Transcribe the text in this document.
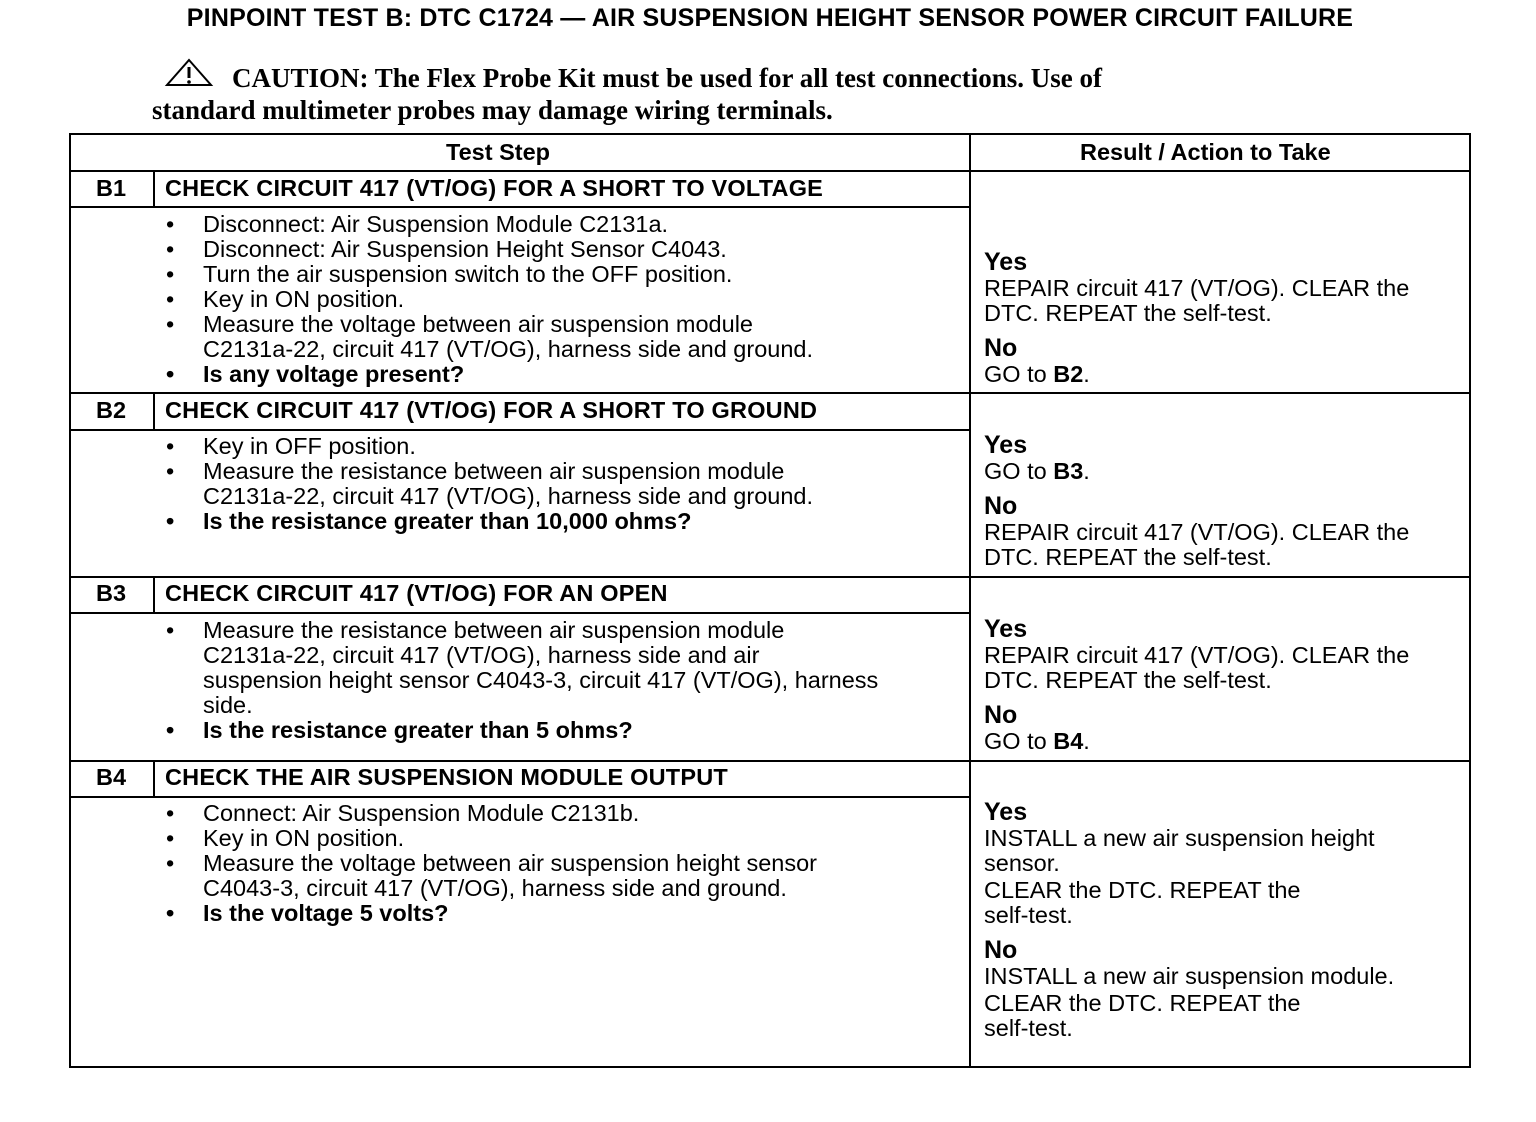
PINPOINT TEST B: DTC C1724 — AIR SUSPENSION HEIGHT SENSOR POWER CIRCUIT FAILURE
CAUTION: The Flex Probe Kit must be used for all test connections. Use of
standard multimeter probes may damage wiring terminals.
Test Step	Result / Action to Take
B1 CHECK CIRCUIT 417 (VT/OG) FOR A SHORT TO VOLTAGE
• Disconnect: Air Suspension Module C2131a.
• Disconnect: Air Suspension Height Sensor C4043.
• Turn the air suspension switch to the OFF position.
• Key in ON position.
• Measure the voltage between air suspension module
C2131a-22, circuit 417 (VT/OG), harness side and ground.
• Is any voltage present?
Yes
REPAIR circuit 417 (VT/OG). CLEAR the
DTC. REPEAT the self-test.
No
GO to B2.
B2 CHECK CIRCUIT 417 (VT/OG) FOR A SHORT TO GROUND
• Key in OFF position.
• Measure the resistance between air suspension module
C2131a-22, circuit 417 (VT/OG), harness side and ground.
• Is the resistance greater than 10,000 ohms?
Yes
GO to B3.
No
REPAIR circuit 417 (VT/OG). CLEAR the
DTC. REPEAT the self-test.
B3 CHECK CIRCUIT 417 (VT/OG) FOR AN OPEN
• Measure the resistance between air suspension module
C2131a-22, circuit 417 (VT/OG), harness side and air
suspension height sensor C4043-3, circuit 417 (VT/OG), harness
side.
• Is the resistance greater than 5 ohms?
Yes
REPAIR circuit 417 (VT/OG). CLEAR the
DTC. REPEAT the self-test.
No
GO to B4.
B4 CHECK THE AIR SUSPENSION MODULE OUTPUT
• Connect: Air Suspension Module C2131b.
• Key in ON position.
• Measure the voltage between air suspension height sensor
C4043-3, circuit 417 (VT/OG), harness side and ground.
• Is the voltage 5 volts?
Yes
INSTALL a new air suspension height
sensor.
CLEAR the DTC. REPEAT the
self-test.
No
INSTALL a new air suspension module.
CLEAR the DTC. REPEAT the
self-test.
